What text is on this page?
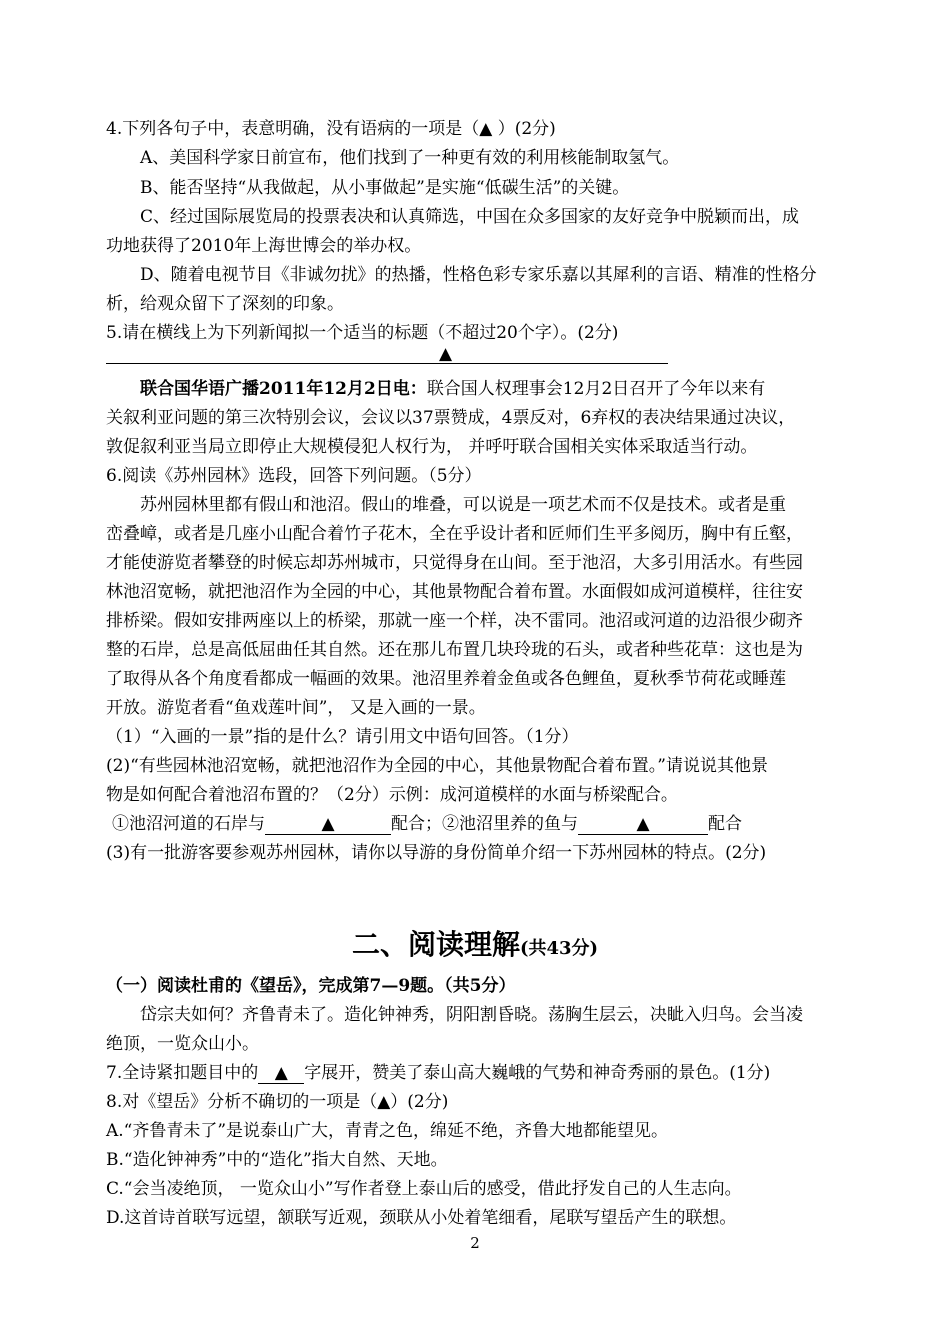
4.下列各句子中，表意明确，没有语病的一项是（▲ ）(2分)
A、美国科学家日前宣布，他们找到了一种更有效的利用核能制取氢气。
B、能否坚持“从我做起，从小事做起”是实施“低碳生活”的关键。
C、经过国际展览局的投票表决和认真筛选，中国在众多国家的友好竞争中脱颖而出，成
功地获得了2010年上海世博会的举办权。
D、随着电视节目《非诚勿扰》的热播，性格色彩专家乐嘉以其犀利的言语、精准的性格分
析，给观众留下了深刻的印象。
5.请在横线上为下列新闻拟一个适当的标题（不超过20个字）。(2分)
▲
联合国华语广播2011年12月2日电：联合国人权理事会12月2日召开了今年以来有
关叙利亚问题的第三次特别会议，会议以37票赞成，4票反对，6弃权的表决结果通过决议，
敦促叙利亚当局立即停止大规模侵犯人权行为， 并呼吁联合国相关实体采取适当行动。
6.阅读《苏州园林》选段，回答下列问题。（5分）
苏州园林里都有假山和池沼。假山的堆叠，可以说是一项艺术而不仅是技术。或者是重
峦叠嶂，或者是几座小山配合着竹子花木，全在乎设计者和匠师们生平多阅历，胸中有丘壑，
才能使游览者攀登的时候忘却苏州城市，只觉得身在山间。至于池沼，大多引用活水。有些园
林池沼宽畅，就把池沼作为全园的中心，其他景物配合着布置。水面假如成河道模样，往往安
排桥梁。假如安排两座以上的桥梁，那就一座一个样，决不雷同。池沼或河道的边沿很少砌齐
整的石岸，总是高低屈曲任其自然。还在那儿布置几块玲珑的石头，或者种些花草：这也是为
了取得从各个角度看都成一幅画的效果。池沼里养着金鱼或各色鲤鱼，夏秋季节荷花或睡莲
开放。游览者看“鱼戏莲叶间”， 又是入画的一景。
（1）“入画的一景”指的是什么？请引用文中语句回答。（1分）
(2)“有些园林池沼宽畅，就把池沼作为全园的中心，其他景物配合着布置。”请说说其他景
物是如何配合着池沼布置的？（2分）示例：成河道模样的水面与桥梁配合。
①池沼河道的石岸与	▲	配合；②池沼里养的鱼与	▲	配合
(3)有一批游客要参观苏州园林，请你以导游的身份简单介绍一下苏州园林的特点。(2分)
二、阅读理解(共43分)
（一）阅读杜甫的《望岳》，完成第7—9题。（共5分）
岱宗夫如何？齐鲁青未了。造化钟神秀，阴阳割昏晓。荡胸生层云，决眦入归鸟。会当凌
绝顶，一览众山小。
7.全诗紧扣题目中的 ▲ 字展开，赞美了泰山高大巍峨的气势和神奇秀丽的景色。(1分)
8.对《望岳》分析不确切的一项是（▲）(2分)
A.“齐鲁青未了”是说泰山广大，青青之色，绵延不绝，齐鲁大地都能望见。
B.“造化钟神秀”中的“造化”指大自然、天地。
C.“会当凌绝顶， 一览众山小”写作者登上泰山后的感受，借此抒发自己的人生志向。
D.这首诗首联写远望，颔联写近观，颈联从小处着笔细看，尾联写望岳产生的联想。
2
